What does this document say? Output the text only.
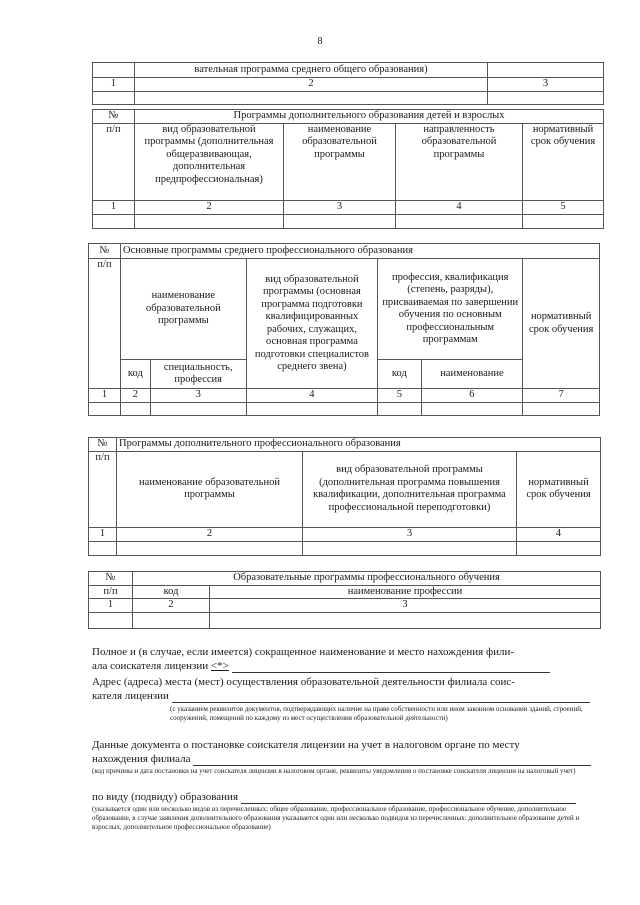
8
	вательная программа среднего общего образования)	
1	2	3

№	Программы дополнительного образования детей и взрослых			
п/п	вид образовательной программы (дополнительная общеразвивающая, дополнительная предпрофессиональная)	наименование образовательной программы	направленность образовательной программы	нормативный срок обучения
1	2	3	4	5

№	Основные программы среднего профессионального образования					
п/п	наименование образовательной программы		вид образовательной программы (основная программа подготовки квалифицированных рабочих, служащих, основная программа подготовки специалистов среднего звена)	профессия, квалификация (степень, разряды), присваиваемая по завершении обучения по основным профессиональным программам		нормативный срок обучения
	код	специальность, профессия		код	наименование	
1	2	3	4	5	6	7

№	Программы дополнительного профессионального образования		
п/п	наименование образовательной программы	вид образовательной программы (дополнительная программа повышения квалификации, дополнительная программа профессиональной переподготовки)	нормативный срок обучения
1	2	3	4

№	Образовательные программы профессионального обучения	
п/п	код	наименование профессии
1	2	3

Полное и (в случае, если имеется) сокращенное наименование и место нахождения фили-
ала соискателя лицензии <*>
Адрес (адреса) места (мест) осуществления образовательной деятельности филиала соис-
кателя лицензии
(с указанием реквизитов документов, подтверждающих наличие на праве собственности или ином законном основании зданий, строений, сооружений, помещений по каждому из мест осуществления образовательной деятельности)
Данные документа о постановке соискателя лицензии на учет в налоговом органе по месту
нахождения филиала
(код причины и дата постановки на учет соискателя лицензии в налоговом органе, реквизиты уведомления о постановке соискателя лицензии на налоговый учет)
по виду (подвиду) образования
(указывается один или несколько видов из перечисленных: общее образование, профессиональное образование, профессиональное обучение, дополнительное образование, в случае заявления дополнительного образования указывается один или несколько подвидов из перечисленных: дополнительное образование детей и взрослых, дополнительное профессиональное образование)
